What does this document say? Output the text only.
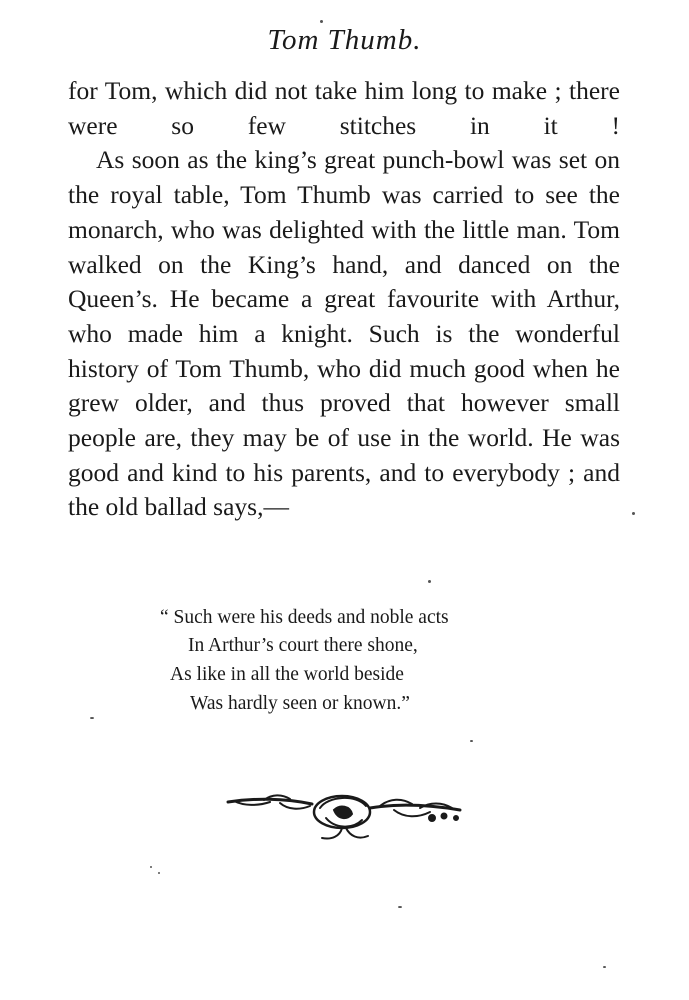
Tom Thumb.

for Tom, which did not take him long to make ; there were so few stitches in it !

As soon as the king’s great punch-bowl was set on the royal table, Tom Thumb was carried to see the monarch, who was delighted with the little man. Tom walked on the King’s hand, and danced on the Queen’s. He became a great favourite with Arthur, who made him a knight. Such is the wonderful history of Tom Thumb, who did much good when he grew older, and thus proved that however small people are, they may be of use in the world. He was good and kind to his parents, and to everybody ; and the old ballad says,—

“ Such were his deeds and noble acts
In Arthur’s court there shone,
As like in all the world beside
Was hardly seen or known.”
